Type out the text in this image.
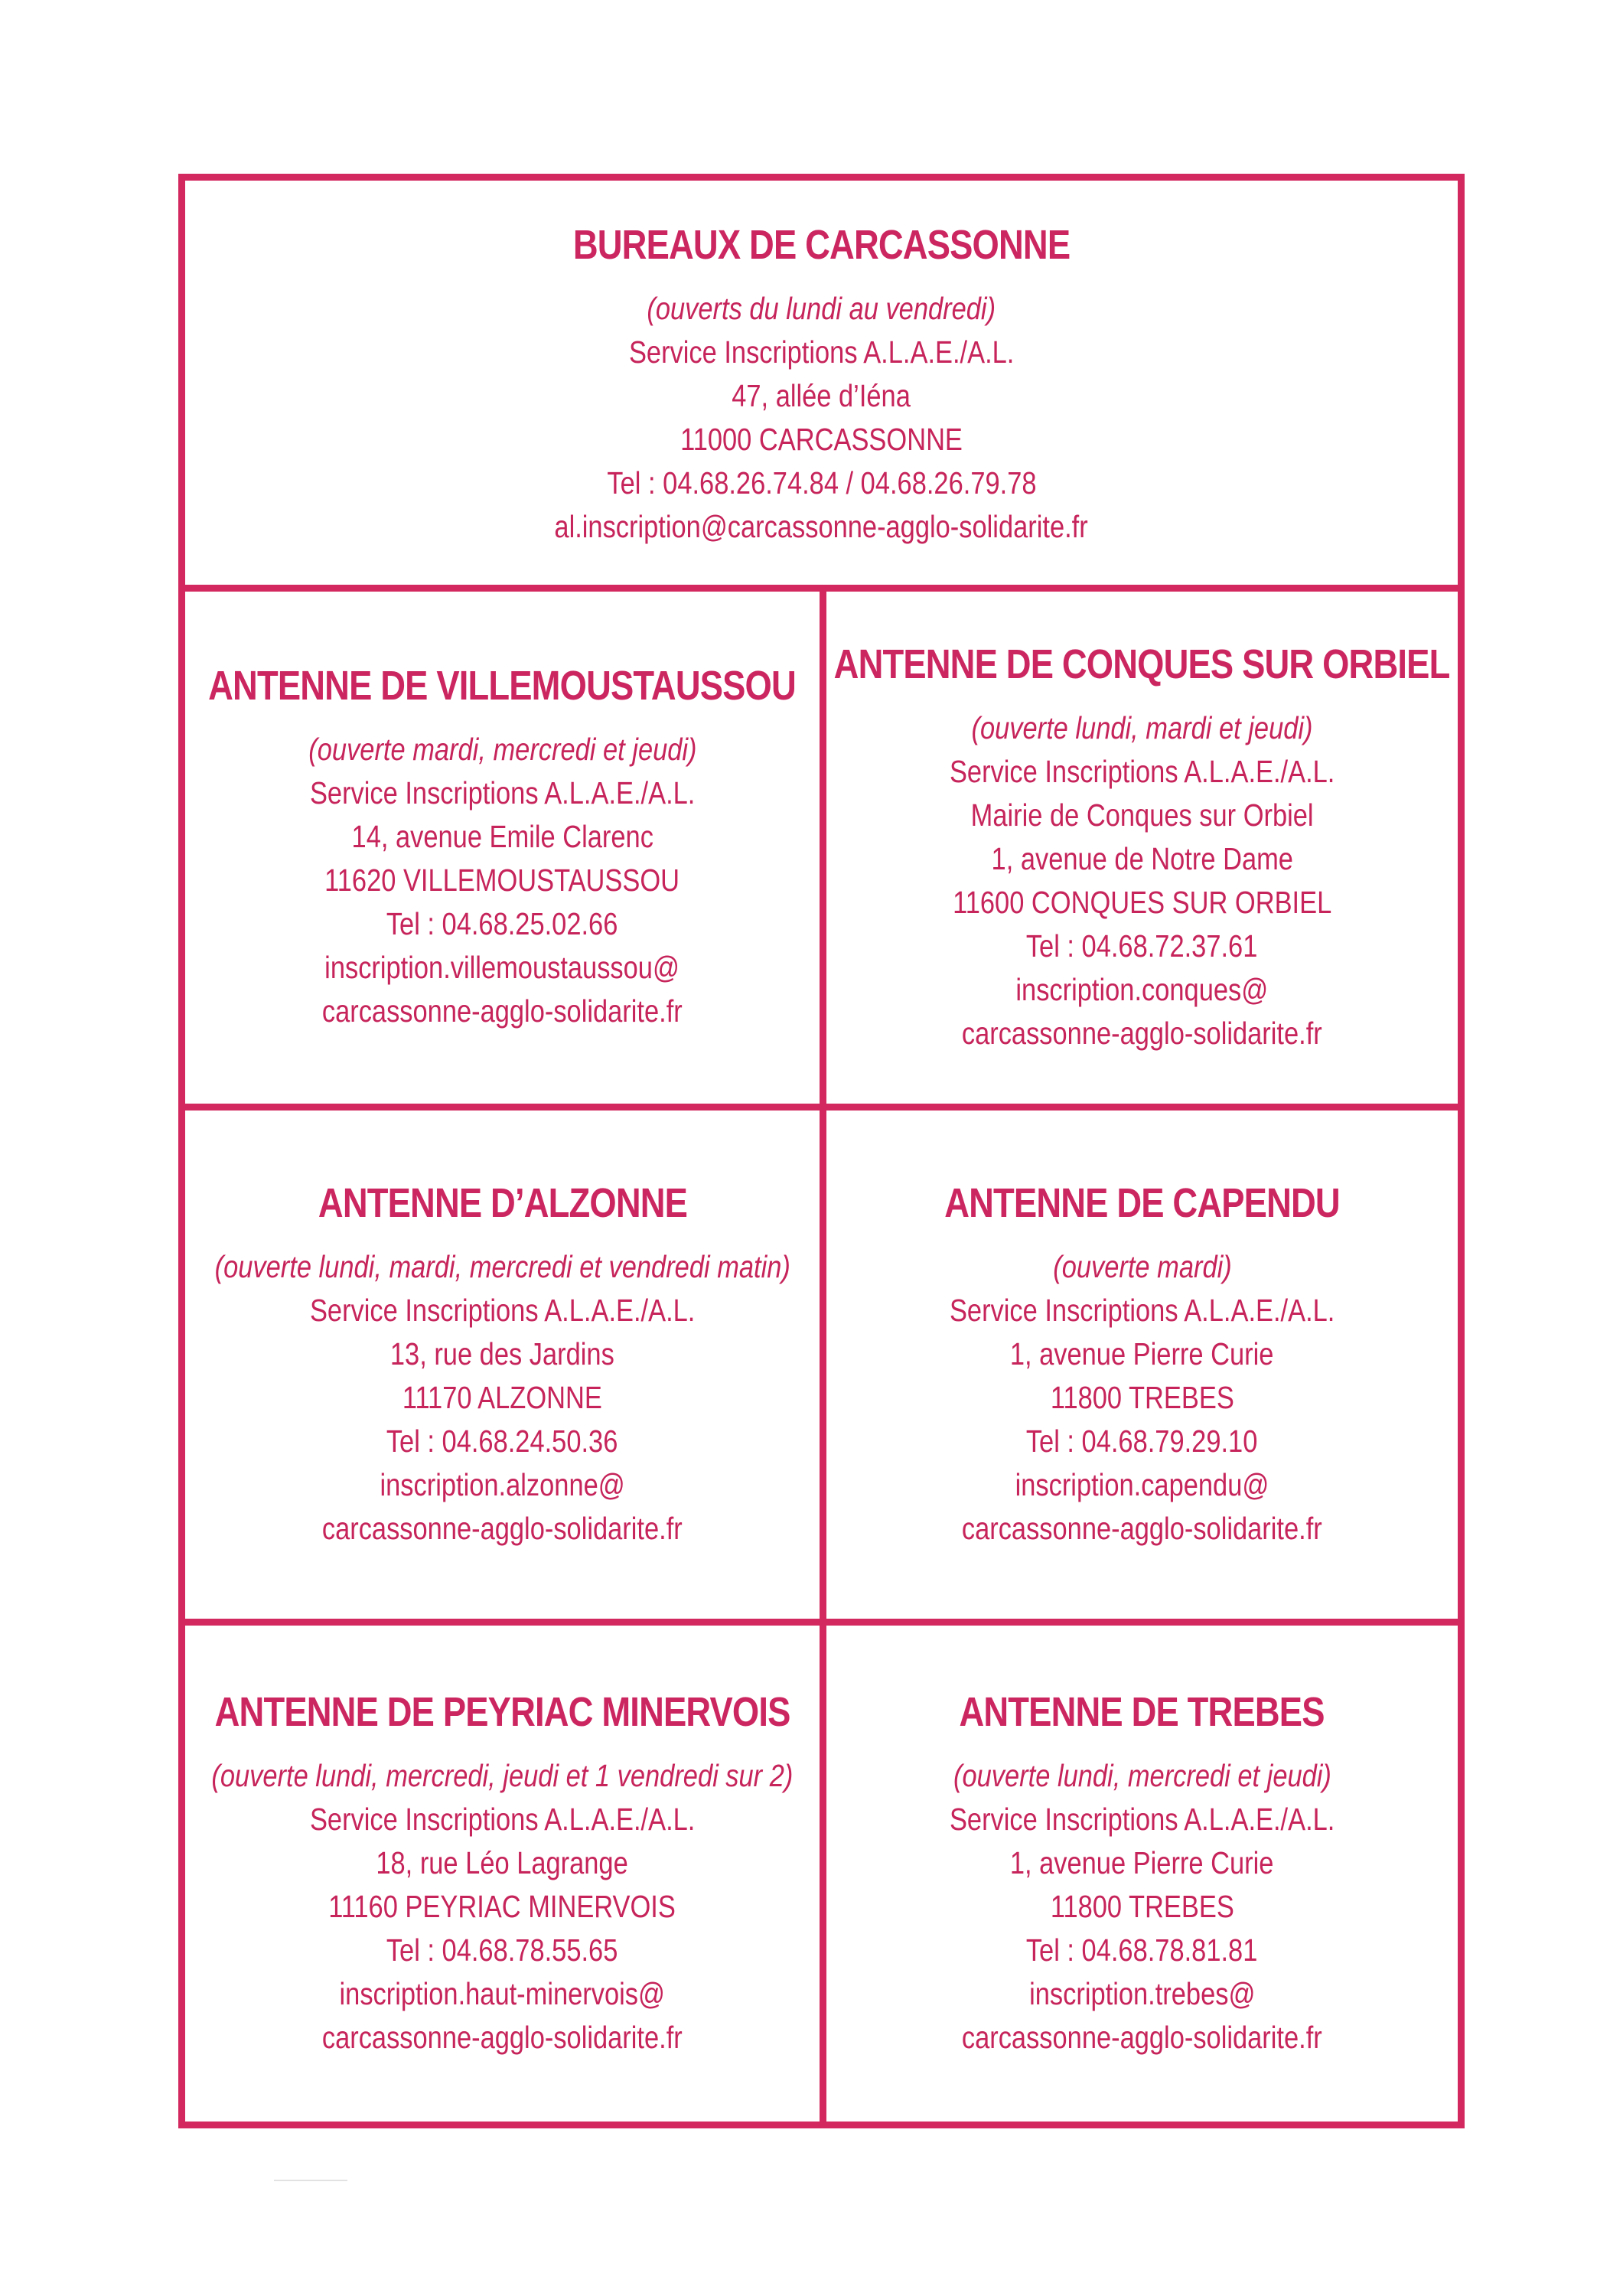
BUREAUX DE CARCASSONNE

(ouverts du lundi au vendredi)

Service Inscriptions A.L.A.E./A.L.

47, allée d’Iéna

11000 CARCASSONNE

Tel : 04.68.26.74.84 / 04.68.26.79.78

al.inscription@carcassonne-agglo-solidarite.fr

ANTENNE DE VILLEMOUSTAUSSOU

(ouverte mardi, mercredi et jeudi)

Service Inscriptions A.L.A.E./A.L.

14, avenue Emile Clarenc

11620 VILLEMOUSTAUSSOU

Tel : 04.68.25.02.66

inscription.villemoustaussou@

carcassonne-agglo-solidarite.fr

ANTENNE DE CONQUES SUR ORBIEL

(ouverte lundi, mardi et jeudi)

Service Inscriptions A.L.A.E./A.L.

Mairie de Conques sur Orbiel

1, avenue de Notre Dame

11600 CONQUES SUR ORBIEL

Tel : 04.68.72.37.61

inscription.conques@

carcassonne-agglo-solidarite.fr

ANTENNE D’ALZONNE

(ouverte lundi, mardi, mercredi et vendredi matin)

Service Inscriptions A.L.A.E./A.L.

13, rue des Jardins

11170 ALZONNE

Tel : 04.68.24.50.36

inscription.alzonne@

carcassonne-agglo-solidarite.fr

ANTENNE DE CAPENDU

(ouverte mardi)

Service Inscriptions A.L.A.E./A.L.

1, avenue Pierre Curie

11800 TREBES

Tel : 04.68.79.29.10

inscription.capendu@

carcassonne-agglo-solidarite.fr

ANTENNE DE PEYRIAC MINERVOIS

(ouverte lundi, mercredi, jeudi et 1 vendredi sur 2)

Service Inscriptions A.L.A.E./A.L.

18, rue Léo Lagrange

11160 PEYRIAC MINERVOIS

Tel : 04.68.78.55.65

inscription.haut-minervois@

carcassonne-agglo-solidarite.fr

ANTENNE DE TREBES

(ouverte lundi, mercredi et jeudi)

Service Inscriptions A.L.A.E./A.L.

1, avenue Pierre Curie

11800 TREBES

Tel : 04.68.78.81.81

inscription.trebes@

carcassonne-agglo-solidarite.fr
